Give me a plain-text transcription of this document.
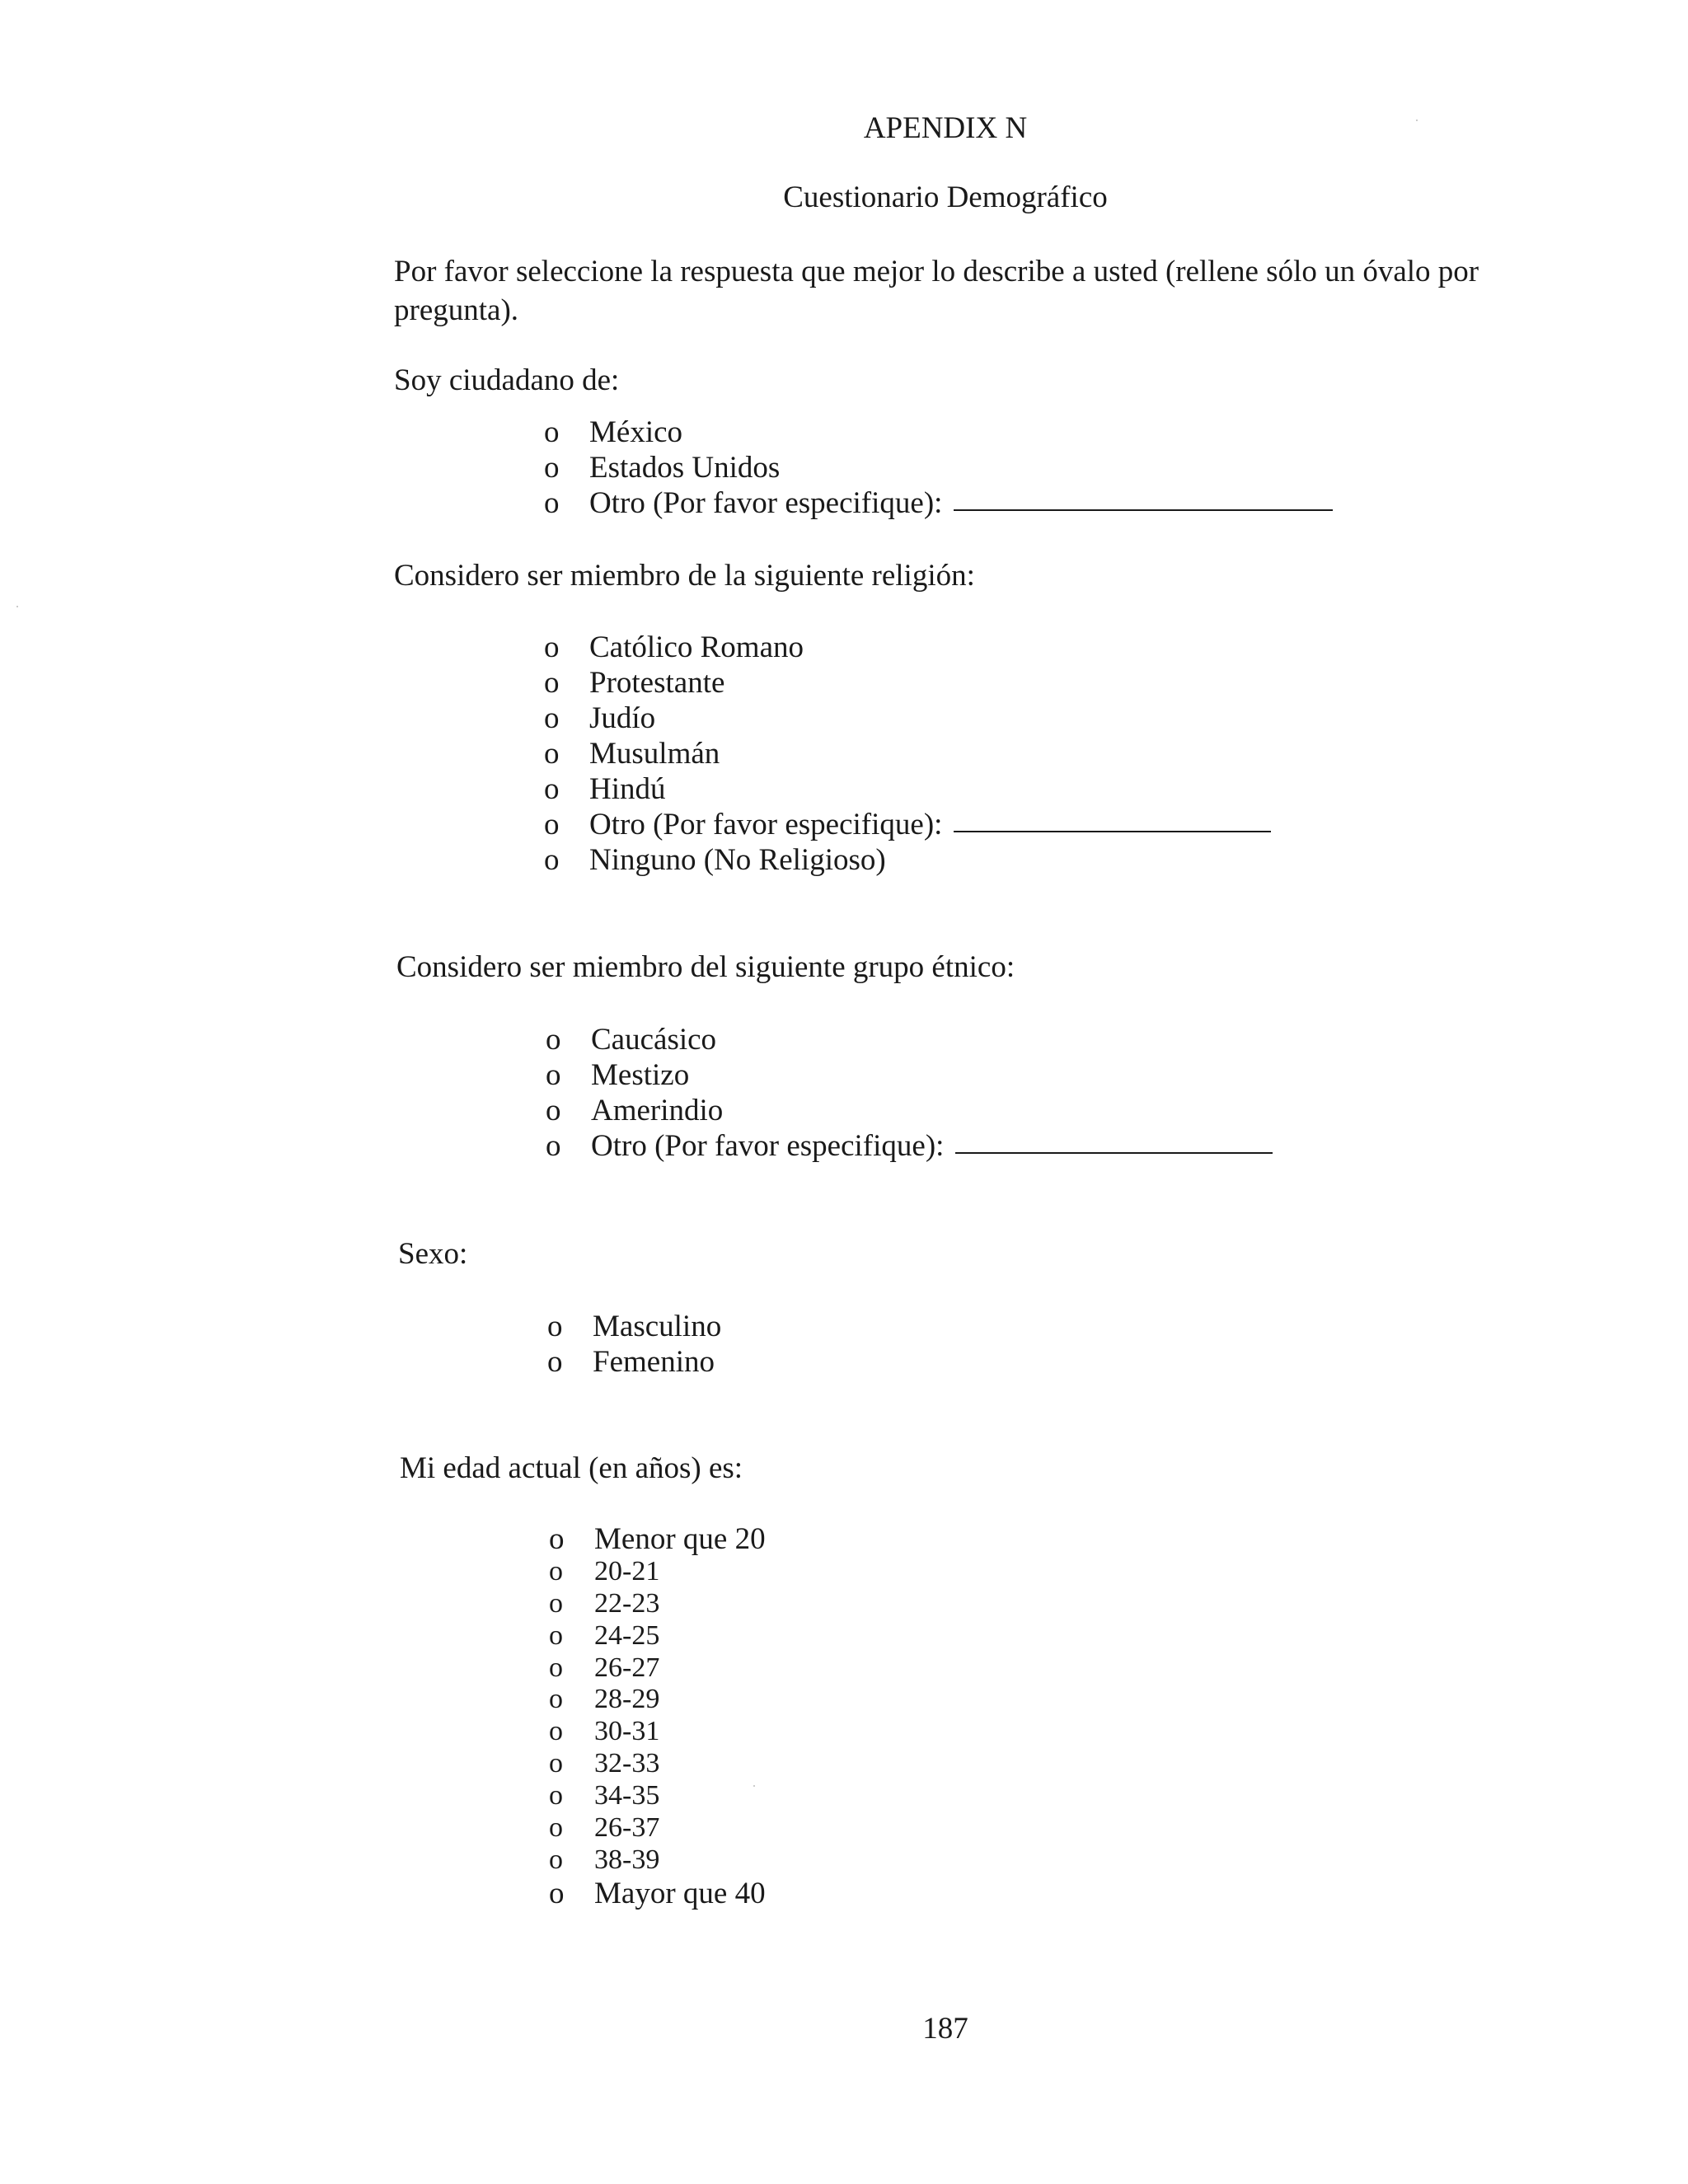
APENDIX N
Cuestionario Demográfico
Por favor seleccione la respuesta que mejor lo describe a usted (rellene sólo un óvalo por pregunta).
Soy ciudadano de:
o México
o Estados Unidos
o Otro (Por favor especifique):
Considero ser miembro de la siguiente religión:
o Católico Romano
o Protestante
o Judío
o Musulmán
o Hindú
o Otro (Por favor especifique):
o Ninguno (No Religioso)
Considero ser miembro del siguiente grupo étnico:
o Caucásico
o Mestizo
o Amerindio
o Otro (Por favor especifique):
Sexo:
o Masculino
o Femenino
Mi edad actual (en años) es:
o Menor que 20
o 20-21
o 22-23
o 24-25
o 26-27
o 28-29
o 30-31
o 32-33
o 34-35
o 26-37
o 38-39
o Mayor que 40
187
